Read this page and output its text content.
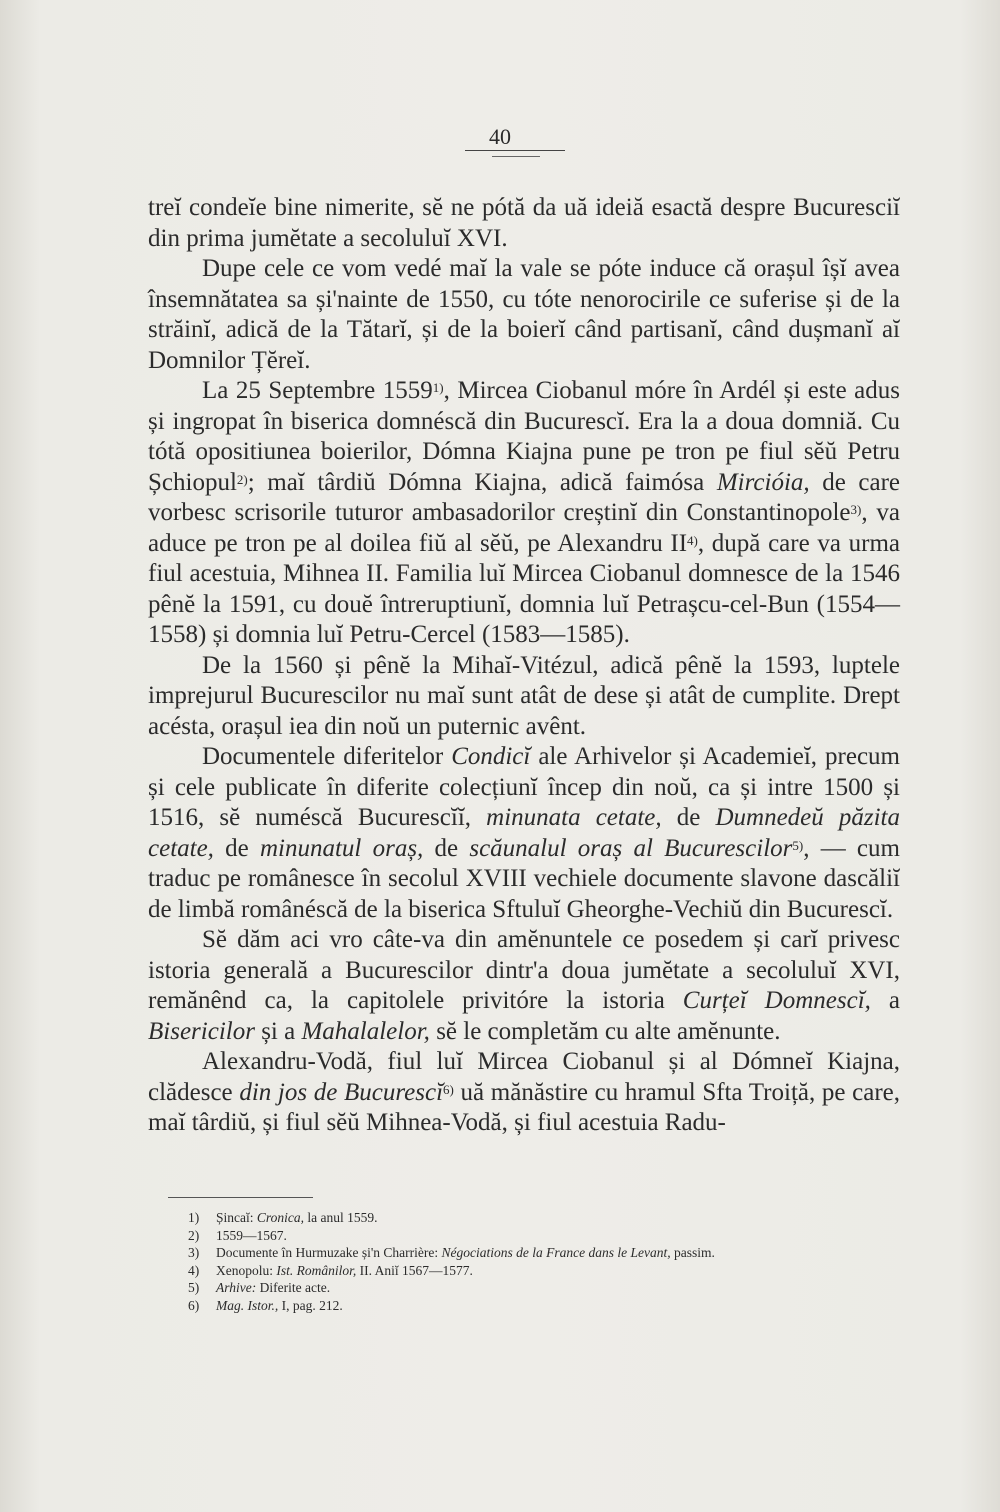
40

treĭ condeĭe bine nimerite, sĕ ne pótă da uă ideiă esactă despre Bucuresciĭ din prima jumĕtate a secoluluĭ XVI.

Dupe cele ce vom vedé maĭ la vale se póte induce că orașul îșĭ avea însemnătatea sa și'nainte de 1550, cu tóte nenorocirile ce suferise și de la străinĭ, adică de la Tătarĭ, și de la boierĭ când partisanĭ, când dușmanĭ aĭ Domnilor Țĕreĭ.

La 25 Septembre 1559$^{1)}$, Mircea Ciobanul móre în Ardél și este adus și ingropat în biserica domnéscă din Bucurescĭ. Era la a doua domniă. Cu tótă opositiunea boierilor, Dómna Kiajna pune pe tron pe fiul sĕŭ Petru Șchiopul$^{2)}$; maĭ târdiŭ Dómna Kiajna, adică faimósa Mircióia, de care vorbesc scrisorile tuturor ambasadorilor creștinĭ din Constantinopole$^{3)}$, va aduce pe tron pe al doilea fiŭ al sĕŭ, pe Alexandru II$^{4)}$, după care va urma fiul acestuia, Mihnea II. Familia luĭ Mircea Ciobanul domnesce de la 1546 pênĕ la 1591, cu douĕ întreruptiunĭ, domnia luĭ Petrașcu-cel-Bun (1554—1558) și domnia luĭ Petru-Cercel (1583—1585).

De la 1560 și pênĕ la Mihaĭ-Vitézul, adică pênĕ la 1593, luptele imprejurul Bucurescilor nu maĭ sunt atât de dese și atât de cumplite. Drept acésta, orașul iea din noŭ un puternic avênt.

Documentele diferitelor Condicĭ ale Arhivelor și Academieĭ, precum și cele publicate în diferite colecțiunĭ încep din noŭ, ca și intre 1500 și 1516, sĕ numéscă Bucurescĭĭ, minunata cetate, de Dumnedeŭ păzita cetate, de minunatul oraș, de scăunalul oraș al Bucurescilor$^{5)}$, — cum traduc pe românesce în secolul XVIII vechiele documente slavone dascăliĭ de limbă românéscă de la biserica Sftuluĭ Gheorghe-Vechiŭ din Bucurescĭ.

Sĕ dăm aci vro câte-va din amĕnuntele ce posedem și carĭ privesc istoria generală a Bucurescilor dintr'a doua jumĕtate a secoluluĭ XVI, remănênd ca, la capitolele privitóre la istoria Curțeĭ Domnescĭ, a Bisericilor și a Mahalalelor, sĕ le completăm cu alte amĕnunte.

Alexandru-Vodă, fiul luĭ Mircea Ciobanul și al Dómneĭ Kiajna, clădesce din jos de Bucurescĭ$^{6)}$ uă mănăstire cu hramul Sfta Troiță, pe care, maĭ târdiŭ, și fiul sĕŭ Mihnea-Vodă, și fiul acestuia Radu-

1) Șincaĭ: Cronica, la anul 1559.
2) 1559—1567.
3) Documente în Hurmuzake și'n Charrière: Négociations de la France dans le Levant, passim.
4) Xenopolu: Ist. Românilor, II. Aniĭ 1567—1577.
5) Arhive: Diferite acte.
6) Mag. Istor., I, pag. 212.
